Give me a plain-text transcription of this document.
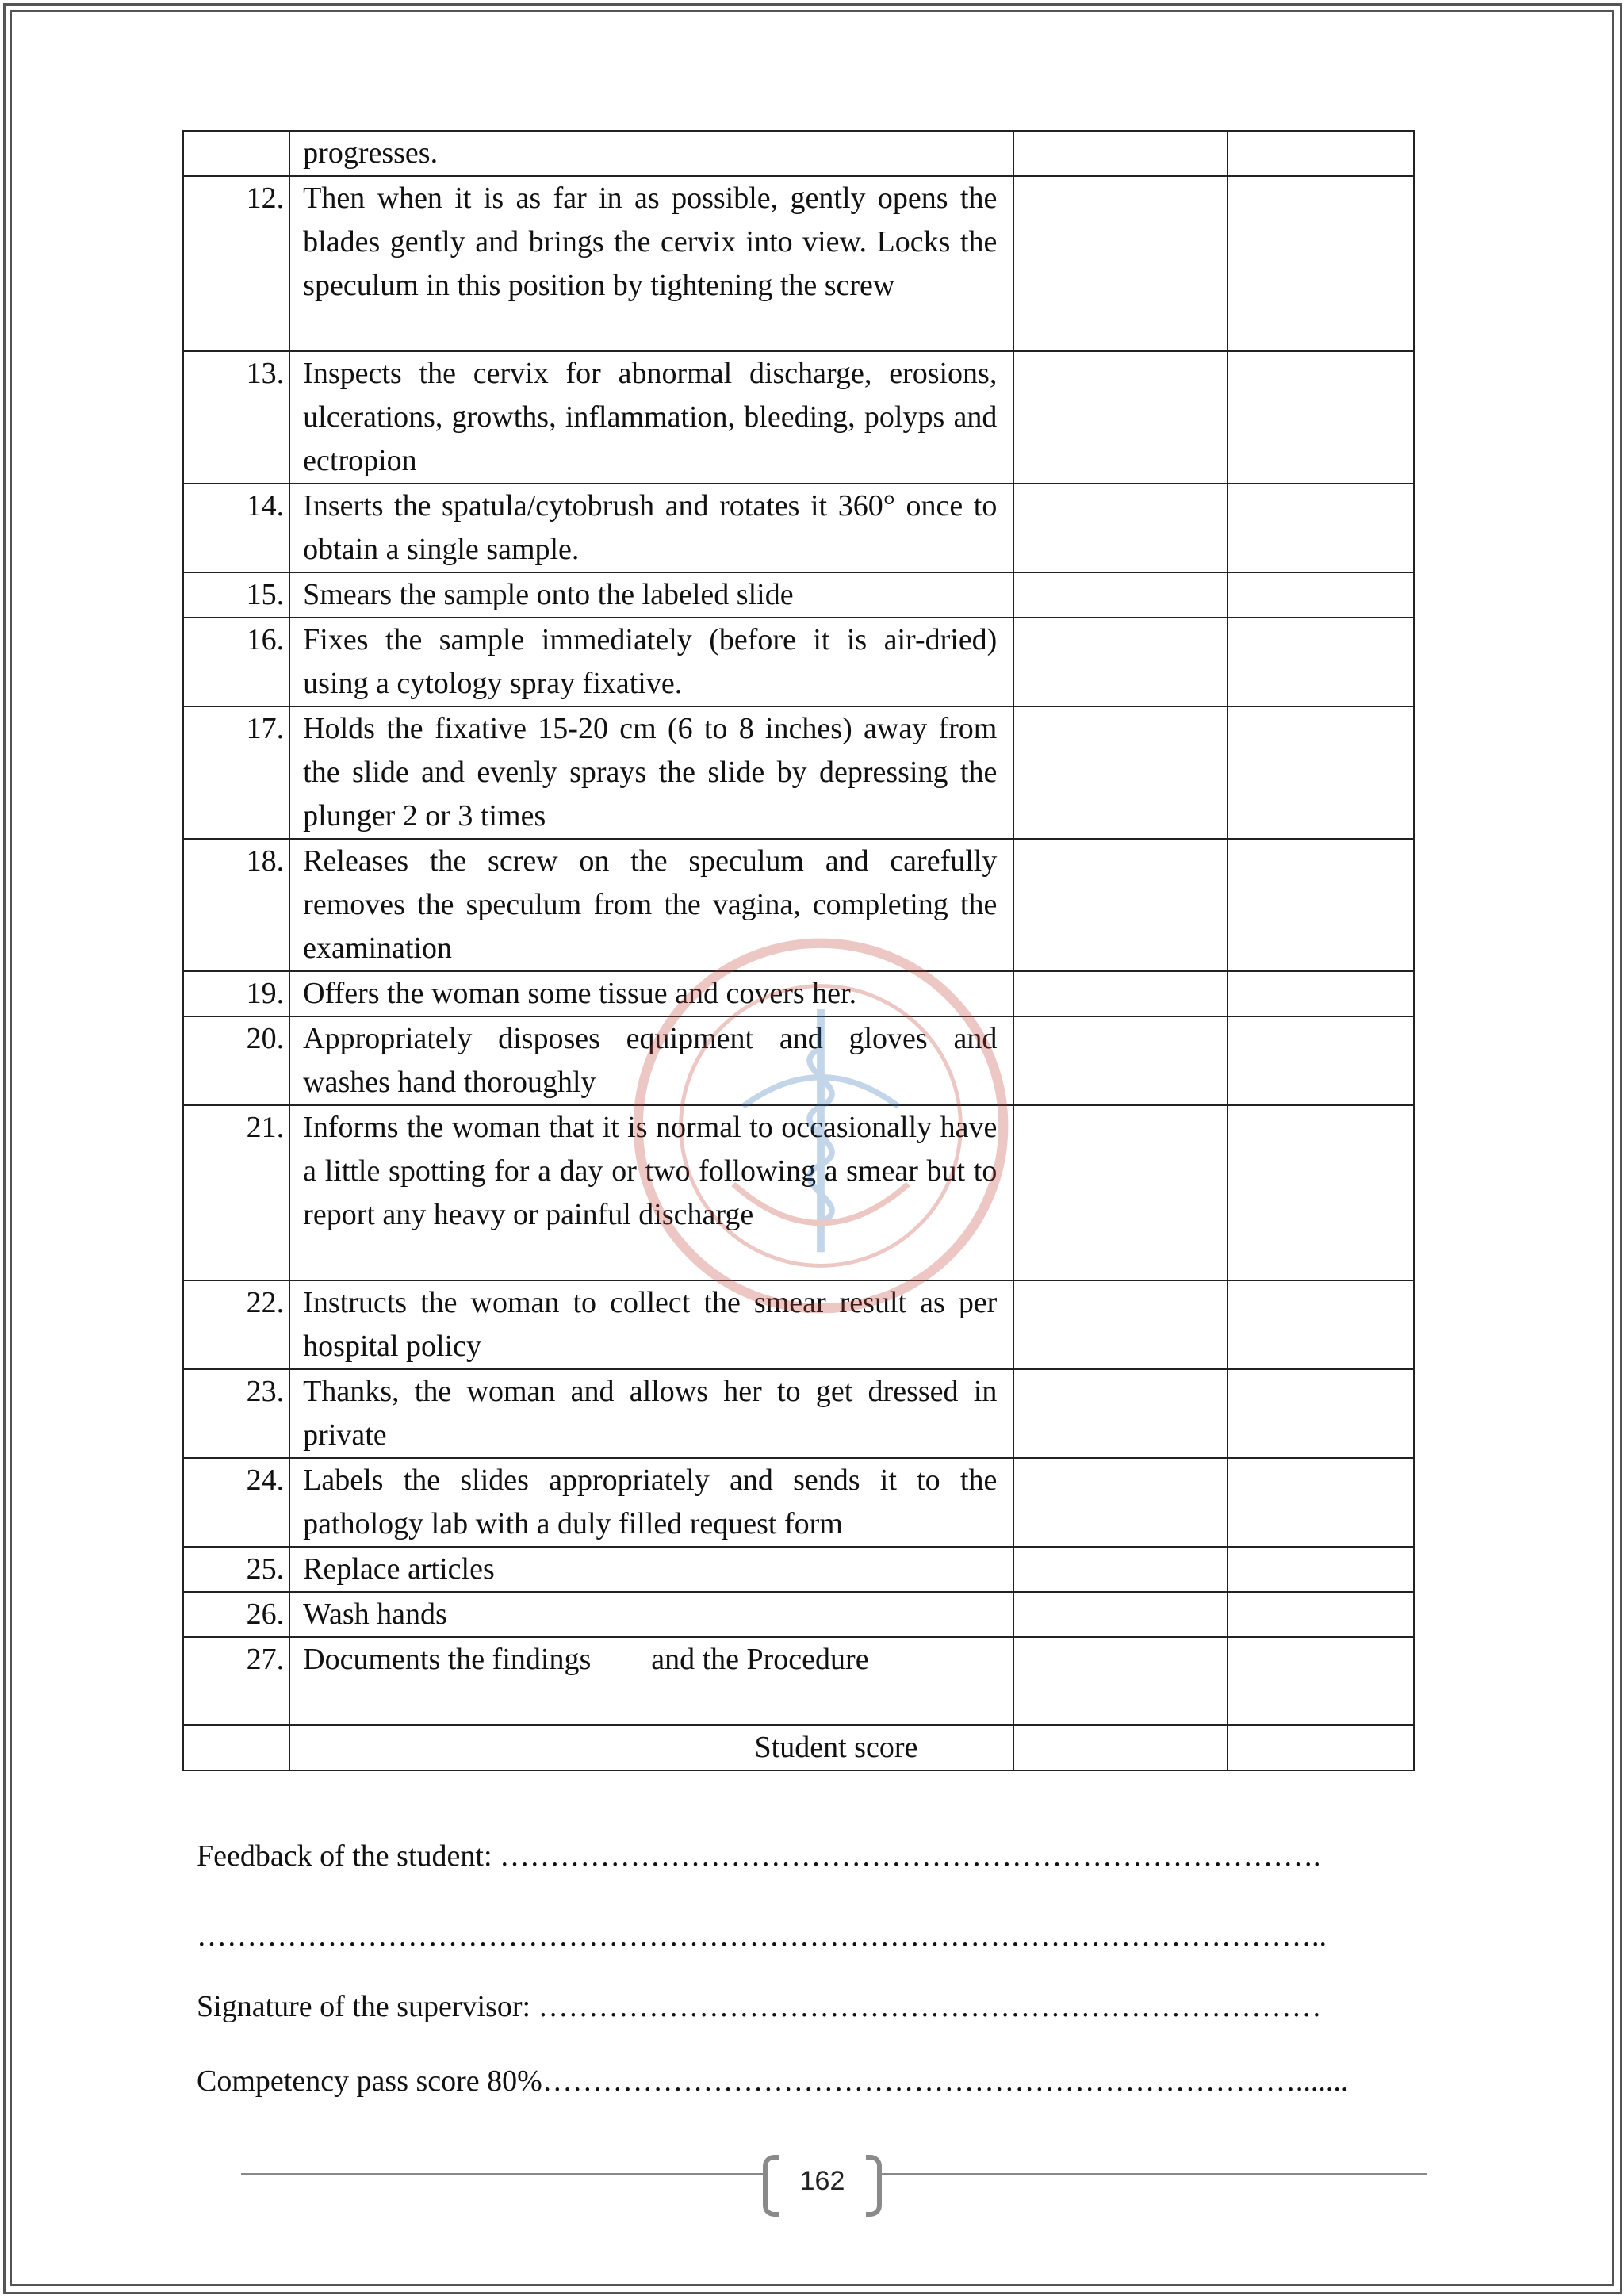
	progresses.		
12.	Then when it is as far in as possible, gently opens the blades gently and brings the cervix into view. Locks the speculum in this position by tightening the screw		
13.	Inspects the cervix for abnormal discharge, erosions, ulcerations, growths, inflammation, bleeding, polyps and ectropion		
14.	Inserts the spatula/cytobrush and rotates it 360° once to obtain a single sample.		
15.	Smears the sample onto the labeled slide		
16.	Fixes the sample immediately (before it is air-dried) using a cytology spray fixative.		
17.	Holds the fixative 15-20 cm (6 to 8 inches) away from the slide and evenly sprays the slide by depressing the plunger 2 or 3 times		
18.	Releases the screw on the speculum and carefully removes the speculum from the vagina, completing the examination		
19.	Offers the woman some tissue and covers her.		
20.	Appropriately disposes equipment and gloves and washes hand thoroughly		
21.	Informs the woman that it is normal to occasionally have a little spotting for a day or two following a smear but to report any heavy or painful discharge		
22.	Instructs the woman to collect the smear result as per hospital policy		
23.	Thanks, the woman and allows her to get dressed in private		
24.	Labels the slides appropriately and sends it to the pathology lab with a duly filled request form		
25.	Replace articles		
26.	Wash hands		
27.	Documents the findings        and the Procedure		
	Student score		
Feedback of the student: ……………………………………………………………………….
…………………………………………………………………………………………………..
Signature of the supervisor: ……………………………………………………………………
Competency pass score 80%………………………………………………………………….......
162
